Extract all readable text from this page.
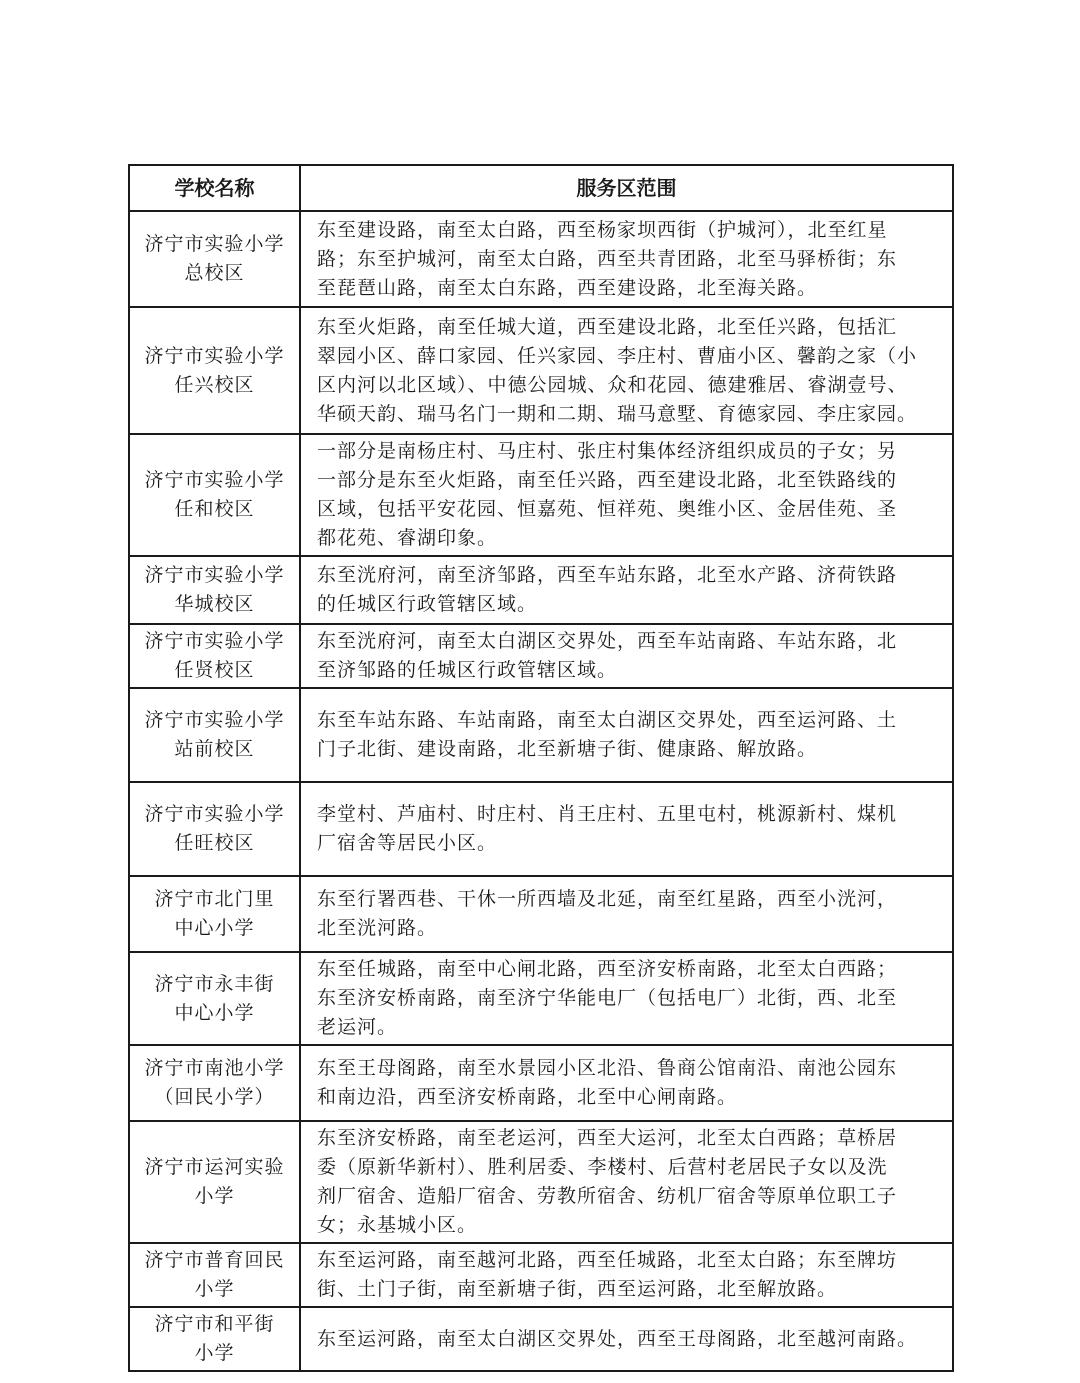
学校名称	服务区范围

济宁市实验小学
总校区	东至建设路，南至太白路，西至杨家坝西街（护城河），北至红星
路；东至护城河，南至太白路，西至共青团路，北至马驿桥街；东
至琵琶山路，南至太白东路，西至建设路，北至海关路。

济宁市实验小学
任兴校区	东至火炬路，南至任城大道，西至建设北路，北至任兴路，包括汇
翠园小区、薛口家园、任兴家园、李庄村、曹庙小区、馨韵之家（小
区内河以北区域）、中德公园城、众和花园、德建雅居、睿湖壹号、
华硕天韵、瑞马名门一期和二期、瑞马意墅、育德家园、李庄家园。

济宁市实验小学
任和校区	一部分是南杨庄村、马庄村、张庄村集体经济组织成员的子女；另
一部分是东至火炬路，南至任兴路，西至建设北路，北至铁路线的
区域，包括平安花园、恒嘉苑、恒祥苑、奥维小区、金居佳苑、圣
都花苑、睿湖印象。

济宁市实验小学
华城校区	东至洸府河，南至济邹路，西至车站东路，北至水产路、济荷铁路
的任城区行政管辖区域。

济宁市实验小学
任贤校区	东至洸府河，南至太白湖区交界处，西至车站南路、车站东路，北
至济邹路的任城区行政管辖区域。

济宁市实验小学
站前校区	东至车站东路、车站南路，南至太白湖区交界处，西至运河路、土
门子北街、建设南路，北至新塘子街、健康路、解放路。

济宁市实验小学
任旺校区	李堂村、芦庙村、时庄村、肖王庄村、五里屯村，桃源新村、煤机
厂宿舍等居民小区。

济宁市北门里
中心小学	东至行署西巷、干休一所西墙及北延，南至红星路，西至小洸河，
北至洸河路。

济宁市永丰街
中心小学	东至任城路，南至中心闸北路，西至济安桥南路，北至太白西路；
东至济安桥南路，南至济宁华能电厂（包括电厂）北街，西、北至
老运河。

济宁市南池小学
（回民小学）	东至王母阁路，南至水景园小区北沿、鲁商公馆南沿、南池公园东
和南边沿，西至济安桥南路，北至中心闸南路。

济宁市运河实验
小学	东至济安桥路，南至老运河，西至大运河，北至太白西路；草桥居
委（原新华新村）、胜利居委、李楼村、后营村老居民子女以及洗
剂厂宿舍、造船厂宿舍、劳教所宿舍、纺机厂宿舍等原单位职工子
女；永基城小区。

济宁市普育回民
小学	东至运河路，南至越河北路，西至任城路，北至太白路；东至牌坊
街、土门子街，南至新塘子街，西至运河路，北至解放路。

济宁市和平街
小学	东至运河路，南至太白湖区交界处，西至王母阁路，北至越河南路。
